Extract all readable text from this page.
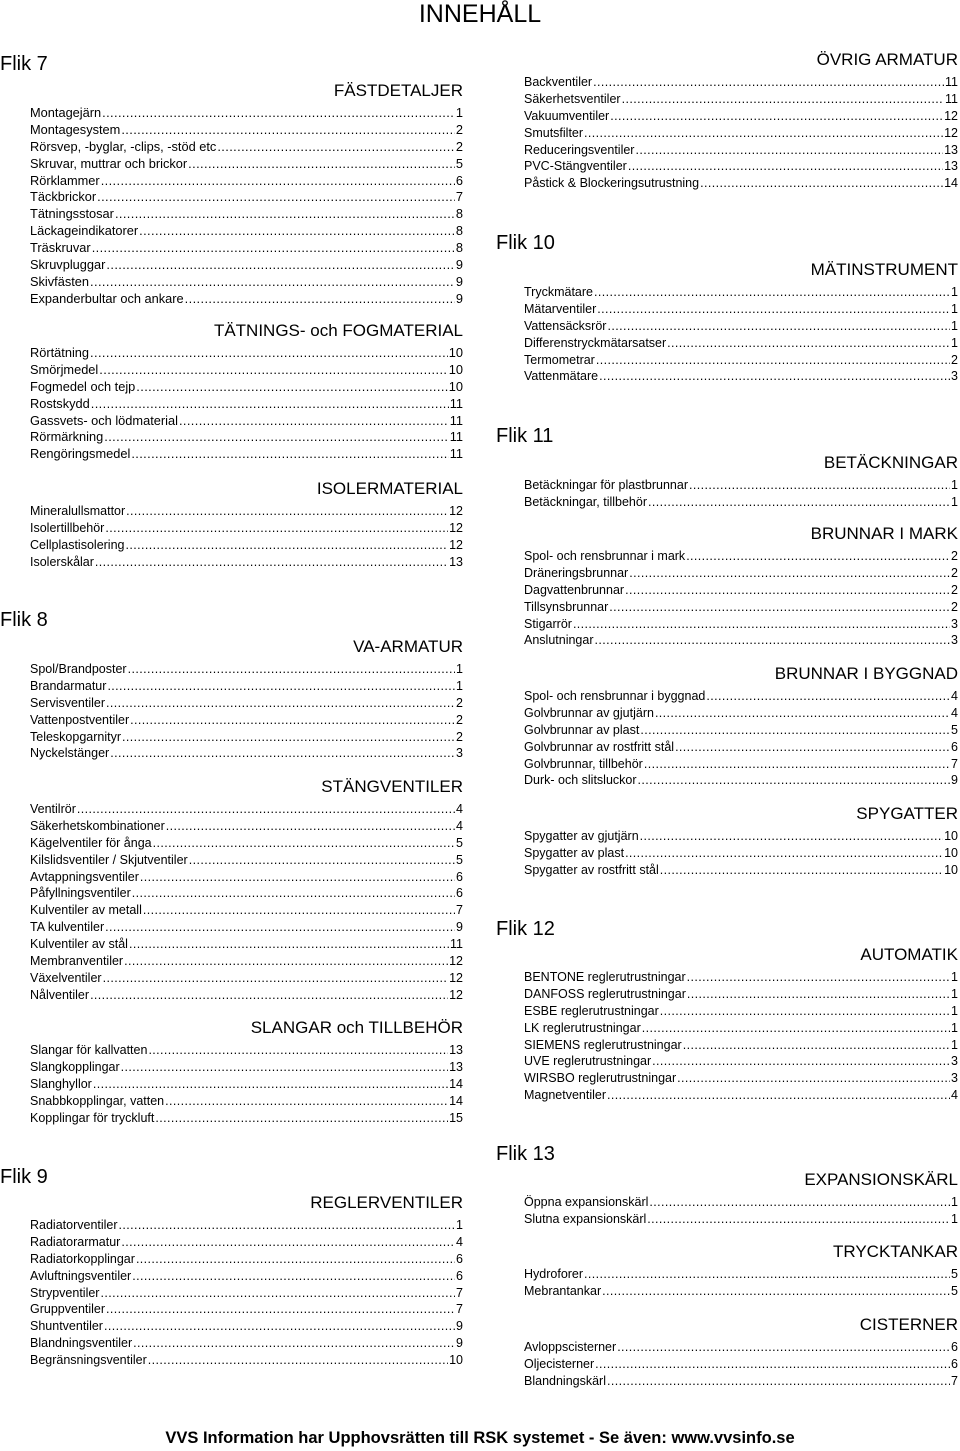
INNEHÅLL
Flik 7
Flik 8
Flik 9
Flik 10
Flik 11
Flik 12
Flik 13
FÄSTDETALJER
Montagejärn .....	1
Montagesystem .....	2
Rörsvep, -byglar, -clips, -stöd etc .....	2
Skruvar, muttrar och brickor .....	5
Rörklammer .....	6
Täckbrickor .....	7
Tätningsstosar .....	8
Läckageindikatorer .....	8
Träskruvar .....	8
Skruvpluggar .....	9
Skivfästen .....	9
Expanderbultar och ankare .....	9
TÄTNINGS- och FOGMATERIAL
Rörtätning .....	10
Smörjmedel .....	10
Fogmedel och tejp .....	10
Rostskydd .....	11
Gassvets- och lödmaterial .....	11
Rörmärkning .....	11
Rengöringsmedel .....	11
ISOLERMATERIAL
Mineralullsmattor .....	12
Isolertillbehör .....	12
Cellplastisolering .....	12
Isolerskålar .....	13
VA-ARMATUR
Spol/Brandposter .....	1
Brandarmatur .....	1
Servisventiler .....	2
Vattenpostventiler .....	2
Teleskopgarnityr .....	2
Nyckelstänger .....	3
STÄNGVENTILER
Ventilrör .....	4
Säkerhetskombinationer .....	4
Kägelventiler för ånga .....	5
Kilslidsventiler / Skjutventiler .....	5
Avtappningsventiler .....	6
Påfyllningsventiler .....	6
Kulventiler av metall .....	7
TA kulventiler .....	9
Kulventiler av stål .....	11
Membranventiler .....	12
Växelventiler .....	12
Nålventiler .....	12
SLANGAR och TILLBEHÖR
Slangar för kallvatten .....	13
Slangkopplingar .....	13
Slanghyllor .....	14
Snabbkopplingar, vatten .....	14
Kopplingar för tryckluft .....	15
REGLERVENTILER
Radiatorventiler .....	1
Radiatorarmatur .....	4
Radiatorkopplingar .....	6
Avluftningsventiler .....	6
Strypventiler .....	7
Gruppventiler .....	7
Shuntventiler .....	9
Blandningsventiler .....	9
Begränsningsventiler .....	10
ÖVRIG ARMATUR
Backventiler .....	11
Säkerhetsventiler .....	11
Vakuumventiler .....	12
Smutsfilter .....	12
Reduceringsventiler .....	13
PVC-Stängventiler .....	13
Påstick & Blockeringsutrustning .....	14
MÄTINSTRUMENT
Tryckmätare .....	1
Mätarventiler .....	1
Vattensäcksrör .....	1
Differenstryckmätarsatser .....	1
Termometrar .....	2
Vattenmätare .....	3
BETÄCKNINGAR
Betäckningar för plastbrunnar .....	1
Betäckningar, tillbehör .....	1
BRUNNAR I MARK
Spol- och rensbrunnar i mark .....	2
Dräneringsbrunnar .....	2
Dagvattenbrunnar .....	2
Tillsynsbrunnar .....	2
Stigarrör .....	3
Anslutningar .....	3
BRUNNAR I BYGGNAD
Spol- och rensbrunnar i byggnad .....	4
Golvbrunnar av gjutjärn .....	4
Golvbrunnar av plast .....	5
Golvbrunnar av rostfritt stål .....	6
Golvbrunnar, tillbehör .....	7
Durk- och slitsluckor .....	9
SPYGATTER
Spygatter av gjutjärn .....	10
Spygatter av plast .....	10
Spygatter av rostfritt stål .....	10
AUTOMATIK
BENTONE reglerutrustningar .....	1
DANFOSS reglerutrustningar .....	1
ESBE reglerutrustningar .....	1
LK reglerutrustningar .....	1
SIEMENS reglerutrustningar .....	1
UVE reglerutrustningar .....	3
WIRSBO reglerutrustningar .....	3
Magnetventiler .....	4
EXPANSIONSKÄRL
Öppna expansionskärl .....	1
Slutna expansionskärl .....	1
TRYCKTANKAR
Hydroforer .....	5
Mebrantankar .....	5
CISTERNER
Avloppscisterner .....	6
Oljecisterner .....	6
Blandningskärl .....	7
VVS Information har Upphovsrätten till RSK systemet - Se även: www.vvsinfo.se
